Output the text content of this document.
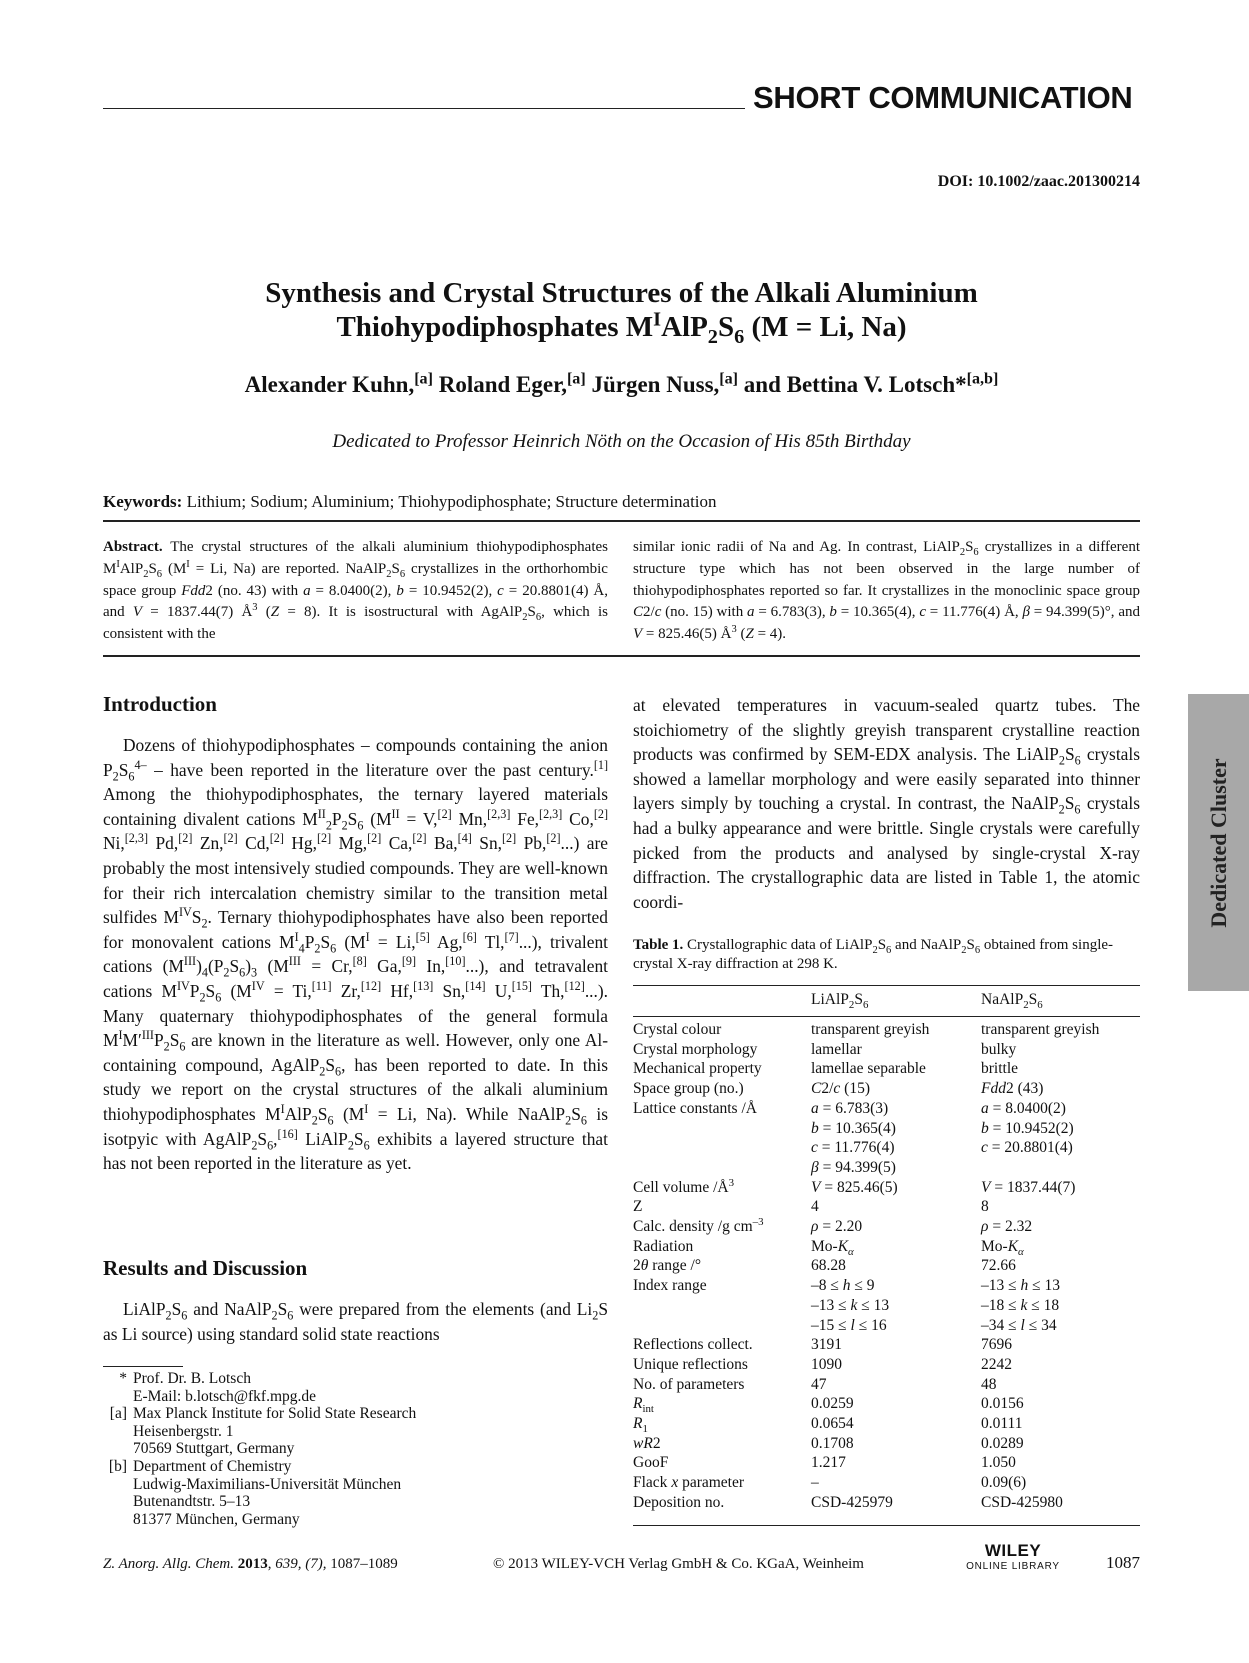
SHORT COMMUNICATION
DOI: 10.1002/zaac.201300214
Synthesis and Crystal Structures of the Alkali Aluminium
Thiohypodiphosphates $M^IAlP_2S_6$ (M = Li, Na)
Alexander Kuhn,[a] Roland Eger,[a] Jürgen Nuss,[a] and Bettina V. Lotsch*[a,b]
Dedicated to Professor Heinrich Nöth on the Occasion of His 85th Birthday
Keywords: Lithium; Sodium; Aluminium; Thiohypodiphosphate; Structure determination
Abstract. The crystal structures of the alkali aluminium thiohypodiphosphates $M^IAlP_2S_6$ ($M^I = Li$, Na) are reported. $NaAlP_2S_6$ crystallizes in the orthorhombic space group Fdd2 (no. 43) with a = 8.0400(2), b = 10.9452(2), c = 20.8801(4) Å, and V = 1837.44(7) $Å^3$ (Z = 8). It is isostructural with $AgAlP_2S_6$, which is consistent with the
similar ionic radii of Na and Ag. In contrast, $LiAlP_2S_6$ crystallizes in a different structure type which has not been observed in the large number of thiohypodiphosphates reported so far. It crystallizes in the monoclinic space group C2/c (no. 15) with a = 6.783(3), b = 10.365(4), c = 11.776(4) Å, β = 94.399(5)°, and V = 825.46(5) $Å^3$ (Z = 4).
Introduction

Dozens of thiohypodiphosphates – compounds containing the anion $P_2S_6^{4-}$ – have been reported in the literature over the past century.[1] Among the thiohypodiphosphates, the ternary layered materials containing divalent cations $M^{II}_2P_2S_6$ ($M^{II} = V,[2]$ Mn,[2,3] Fe,[2,3] Co,[2] Ni,[2,3] Pd,[2] Zn,[2] Cd,[2] Hg,[2] Mg,[2] Ca,[2] Ba,[4] Sn,[2] Pb,[2]...) are probably the most intensively studied compounds. They are well-known for their rich intercalation chemistry similar to the transition metal sulfides $M^{IV}S_2$. Ternary thiohypodiphosphates have also been reported for monovalent cations $M^I_4P_2S_6$ ($M^I = Li,[5]$ Ag,[6] Tl,[7]...), trivalent cations $(M^{III})_4(P_2S_6)_3$ ($M^{III} = Cr,[8]$ Ga,[9] In,[10]...), and tetravalent cations $M^{IV}P_2S_6$ ($M^{IV} = Ti,[11]$ Zr,[12] Hf,[13] Sn,[14] U,[15] Th,[12]...). Many quaternary thiohypodiphosphates of the general formula $M^IM'^{III}P_2S_6$ are known in the literature as well. However, only one Al-containing compound, $AgAlP_2S_6$, has been reported to date. In this study we report on the crystal structures of the alkali aluminium thiohypodiphosphates $M^IAlP_2S_6$ ($M^I = Li$, Na). While $NaAlP_2S_6$ is isotpyic with $AgAlP_2S_6,[16]$ $LiAlP_2S_6$ exhibits a layered structure that has not been reported in the literature as yet.

Results and Discussion

$LiAlP_2S_6$ and $NaAlP_2S_6$ were prepared from the elements (and $Li_2S$ as Li source) using standard solid state reactions

* Prof. Dr. B. Lotsch
E-Mail: b.lotsch@fkf.mpg.de
[a] Max Planck Institute for Solid State Research
Heisenbergstr. 1
70569 Stuttgart, Germany
[b] Department of Chemistry
Ludwig-Maximilians-Universität München
Butenandtstr. 5–13
81377 München, Germany

at elevated temperatures in vacuum-sealed quartz tubes. The stoichiometry of the slightly greyish transparent crystalline reaction products was confirmed by SEM-EDX analysis. The $LiAlP_2S_6$ crystals showed a lamellar morphology and were easily separated into thinner layers simply by touching a crystal. In contrast, the $NaAlP_2S_6$ crystals had a bulky appearance and were brittle. Single crystals were carefully picked from the products and analysed by single-crystal X-ray diffraction. The crystallographic data are listed in Table 1, the atomic coordi-

Table 1. Crystallographic data of $LiAlP_2S_6$ and $NaAlP_2S_6$ obtained from single-crystal X-ray diffraction at 298 K.
$LiAlP_2S_6$	$NaAlP_2S_6$
Crystal colour	transparent greyish	transparent greyish
Crystal morphology	lamellar	bulky
Mechanical property	lamellae separable	brittle
Space group (no.)	C2/c (15)	Fdd2 (43)
Lattice constants /Å	a = 6.783(3)	a = 8.0400(2)

b = 10.365(4)	b = 10.9452(2)

c = 11.776(4)	c = 20.8801(4)

β = 94.399(5)

Cell volume $/Å^3$	V = 825.46(5)	V = 1837.44(7)
Z	4	8
Calc. density /g $cm^{-3}$	ρ = 2.20	ρ = 2.32
Radiation	$Mo-K_\alpha$	$Mo-K_\alpha$
2θ range /°	68.28	72.66
Index range	–8 ≤ h ≤ 9	–13 ≤ h ≤ 13

–13 ≤ k ≤ 13	–18 ≤ k ≤ 18

–15 ≤ l ≤ 16	–34 ≤ l ≤ 34
Reflections collect.	3191	7696
Unique reflections	1090	2242
No. of parameters	47	48
$R_{int}$	0.0259	0.0156
$R_1$	0.0654	0.0111
wR2	0.1708	0.0289
GooF	1.217	1.050
Flack x parameter	–	0.09(6)
Deposition no.	CSD-425979	CSD-425980
Dedicated Cluster
Z. Anorg. Allg. Chem. 2013, 639, (7), 1087–1089	© 2013 WILEY-VCH Verlag GmbH & Co. KGaA, Weinheim
WILEY
ONLINE LIBRARY	1087
